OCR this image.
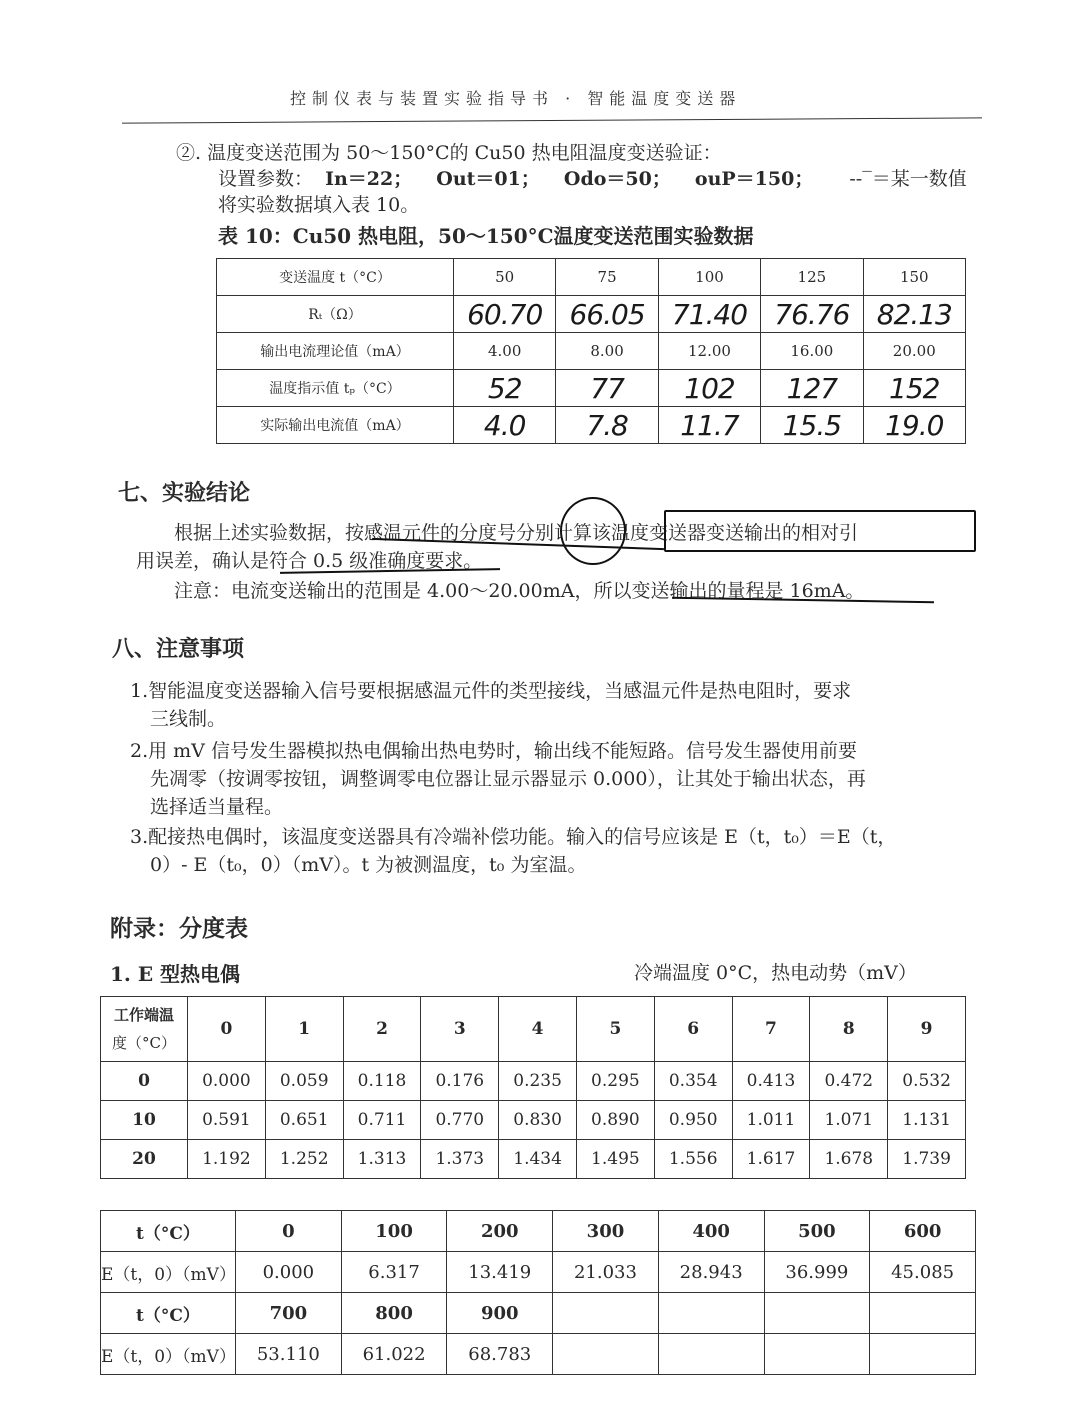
控制仪表与装置实验指导书 · 智能温度变送器
②. 温度变送范围为 50～150°C的 Cu50 热电阻温度变送验证：
设置参数： In＝22； Out＝01； Odo＝50； ouP＝150； --‾＝某一数值
将实验数据填入表 10。
表 10：Cu50 热电阻，50～150°C温度变送范围实验数据
变送温度 t（°C）	50	75	100	125	150
Rₜ（Ω）	60.70	66.05	71.40	76.76	82.13
输出电流理论值（mA）	4.00	8.00	12.00	16.00	20.00
温度指示值 tₚ（°C）	52	77	102	127	152
实际输出电流值（mA）	4.0	7.8	11.7	15.5	19.0
七、实验结论
根据上述实验数据，按感温元件的分度号分别计算该温度变送器变送输出的相对引
用误差，确认是符合 0.5 级准确度要求。
注意：电流变送输出的范围是 4.00～20.00mA，所以变送输出的量程是 16mA。
八、注意事项
1.智能温度变送器输入信号要根据感温元件的类型接线，当感温元件是热电阻时，要求
三线制。
2.用 mV 信号发生器模拟热电偶输出热电势时，输出线不能短路。信号发生器使用前要
先凋零（按调零按钮，调整调零电位器让显示器显示 0.000），让其处于输出状态，再
选择适当量程。
3.配接热电偶时，该温度变送器具有冷端补偿功能。输入的信号应该是 E（t，t₀）＝E（t，
0）- E（t₀，0）（mV）。t 为被测温度，t₀ 为室温。
附录：分度表
1. E 型热电偶	冷端温度 0°C，热电动势（mV）
工作端温
度（°C）	0	1	2	3	4	5	6	7	8	9
0	0.000	0.059	0.118	0.176	0.235	0.295	0.354	0.413	0.472	0.532
10	0.591	0.651	0.711	0.770	0.830	0.890	0.950	1.011	1.071	1.131
20	1.192	1.252	1.313	1.373	1.434	1.495	1.556	1.617	1.678	1.739
t（°C）	0	100	200	300	400	500	600
E（t，0）（mV）	0.000	6.317	13.419	21.033	28.943	36.999	45.085
t（°C）	700	800	900				
E（t，0）（mV）	53.110	61.022	68.783				
